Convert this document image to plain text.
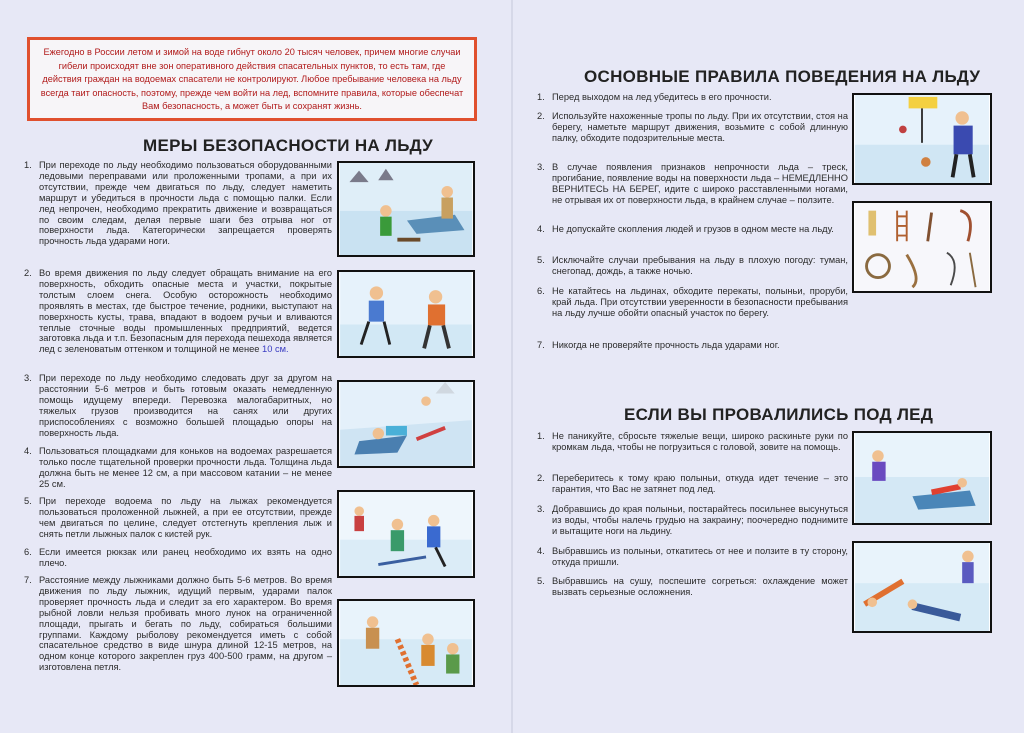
Ежегодно в России летом и зимой на воде гибнут около 20 тысяч человек, причем многие случаи гибели происходят вне зон оперативного действия спасательных пунктов, то есть там, где действия граждан на водоемах спасатели не контролируют. Любое пребывание человека на льду всегда таит опасность, поэтому, прежде чем войти на лед, вспомните правила, которые обеспечат Вам безопасность, а может быть и сохранят жизнь.
МЕРЫ БЕЗОПАСНОСТИ НА ЛЬДУ
1. При переходе по льду необходимо пользоваться оборудованными ледовыми переправами или проложенными тропами, а при их отсутствии, прежде чем двигаться по льду, следует наметить маршрут и убедиться в прочности льда с помощью палки. Если лед непрочен, необходимо прекратить движение и возвращаться по своим следам, делая первые шаги без отрыва ног от поверхности льда. Категорически запрещается проверять прочность льда ударами ноги.
2. Во время движения по льду следует обращать внимание на его поверхность, обходить опасные места и участки, покрытые толстым слоем снега. Особую осторожность необходимо проявлять в местах, где быстрое течение, родники, выступают на поверхность кусты, трава, впадают в водоем ручьи и вливаются теплые сточные воды промышленных предприятий, ведется заготовка льда и т.п. Безопасным для перехода пешехода является лед с зеленоватым оттенком и толщиной не менее 10 см.
3. При переходе по льду необходимо следовать друг за другом на расстоянии 5-6 метров и быть готовым оказать немедленную помощь идущему впереди. Перевозка малогабаритных, но тяжелых грузов производится на санях или других приспособлениях с возможно большей площадью опоры на поверхность льда.
4. Пользоваться площадками для коньков на водоемах разрешается только после тщательной проверки прочности льда. Толщина льда должна быть не менее 12 см, а при массовом катании – не менее 25 см.
5. При переходе водоема по льду на лыжах рекомендуется пользоваться проложенной лыжней, а при ее отсутствии, прежде чем двигаться по целине, следует отстегнуть крепления лыж и снять петли лыжных палок с кистей рук.
6. Если имеется рюкзак или ранец необходимо их взять на одно плечо.
7. Расстояние между лыжниками должно быть 5-6 метров. Во время движения по льду лыжник, идущий первым, ударами палок проверяет прочность льда и следит за его характером. Во время рыбной ловли нельзя пробивать много лунок на ограниченной площади, прыгать и бегать по льду, собираться большими группами. Каждому рыболову рекомендуется иметь с собой спасательное средство в виде шнура длиной 12-15 метров, на одном конце которого закреплен груз 400-500 грамм, на другом – изготовлена петля.
ОСНОВНЫЕ ПРАВИЛА ПОВЕДЕНИЯ НА ЛЬДУ
1. Перед выходом на лед убедитесь в его прочности.
2. Используйте нахоженные тропы по льду. При их отсутствии, стоя на берегу, наметьте маршрут движения, возьмите с собой длинную палку, обходите подозрительные места.
3. В случае появления признаков непрочности льда – треск, прогибание, появление воды на поверхности льда – НЕМЕДЛЕННО ВЕРНИТЕСЬ НА БЕРЕГ, идите с широко расставленными ногами, не отрывая их от поверхности льда, в крайнем случае – ползите.
4. Не допускайте скопления людей и грузов в одном месте на льду.
5. Исключайте случаи пребывания на льду в плохую погоду: туман, снегопад, дождь, а также ночью.
6. Не катайтесь на льдинах, обходите перекаты, полыньи, проруби, край льда. При отсутствии уверенности в безопасности пребывания на льду лучше обойти опасный участок по берегу.
7. Никогда не проверяйте прочность льда ударами ног.
ЕСЛИ ВЫ ПРОВАЛИЛИСЬ ПОД ЛЕД
1. Не паникуйте, сбросьте тяжелые вещи, широко раскиньте руки по кромкам льда, чтобы не погрузиться с головой, зовите на помощь.
2. Переберитесь к тому краю полыньи, откуда идет течение – это гарантия, что Вас не затянет под лед.
3. Добравшись до края полыньи, постарайтесь посильнее высунуться из воды, чтобы налечь грудью на закраину; поочередно поднимите и вытащите ноги на льдину.
4. Выбравшись из полыньи, откатитесь от нее и ползите в ту сторону, откуда пришли.
5. Выбравшись на сушу, поспешите согреться: охлаждение может вызвать серьезные осложнения.
